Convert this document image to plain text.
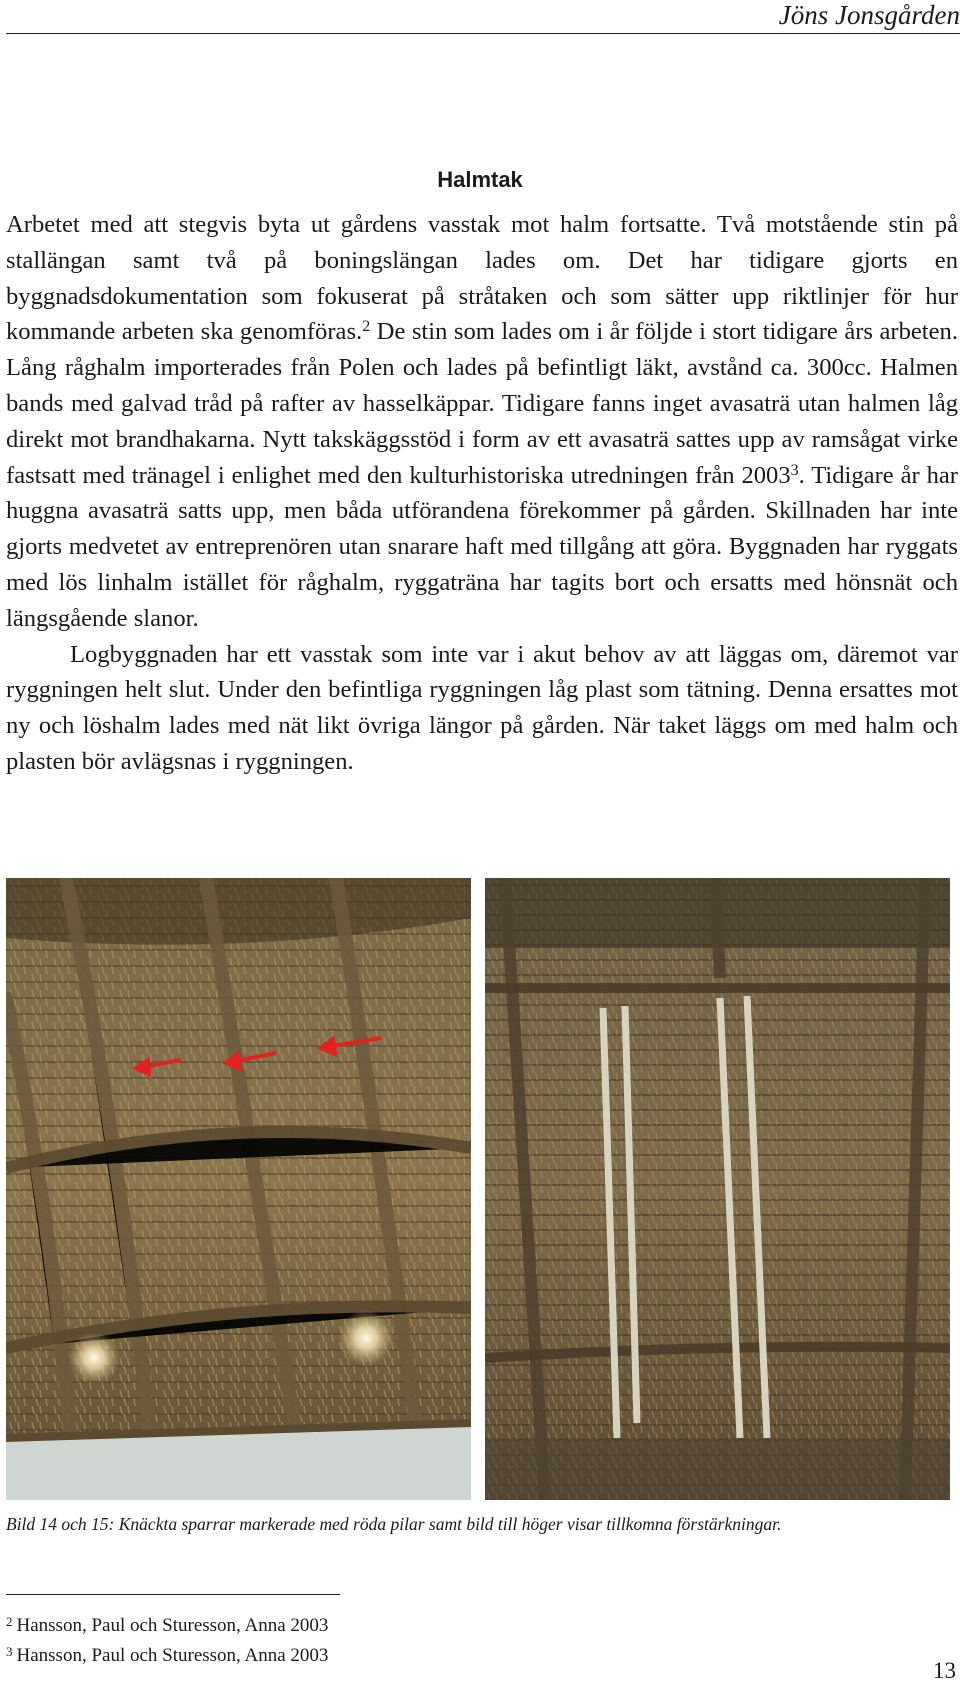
Jöns Jonsgården
Halmtak

Arbetet med att stegvis byta ut gårdens vasstak mot halm fortsatte. Två motstående stin på stallängan samt två på boningslängan lades om. Det har tidigare gjorts en byggnadsdokumentation som fokuserat på stråtaken och som sätter upp riktlinjer för hur kommande arbeten ska genomföras.$^2$ De stin som lades om i år följde i stort tidigare års arbeten. Lång råghalm importerades från Polen och lades på befintligt läkt, avstånd ca. 300cc. Halmen bands med galvad tråd på rafter av hasselkäppar. Tidigare fanns inget avasaträ utan halmen låg direkt mot brandhakarna. Nytt takskäggsstöd i form av ett avasaträ sattes upp av ramsågat virke fastsatt med tränagel i enlighet med den kulturhistoriska utredningen från 2003$^3$. Tidigare år har huggna avasaträ satts upp, men båda utförandena förekommer på gården. Skillnaden har inte gjorts medvetet av entreprenören utan snarare haft med tillgång att göra. Byggnaden har ryggats med lös linhalm istället för råghalm, ryggaträna har tagits bort och ersatts med hönsnät och längsgående slanor.

Logbyggnaden har ett vasstak som inte var i akut behov av att läggas om, däremot var ryggningen helt slut. Under den befintliga ryggningen låg plast som tätning. Denna ersattes mot ny och löshalm lades med nät likt övriga längor på gården. När taket läggs om med halm och plasten bör avlägsnas i ryggningen.

Bild 14 och 15: Knäckta sparrar markerade med röda pilar samt bild till höger visar tillkomna förstärkningar.
$^2$ Hansson, Paul och Sturesson, Anna 2003
$^3$ Hansson, Paul och Sturesson, Anna 2003
13
